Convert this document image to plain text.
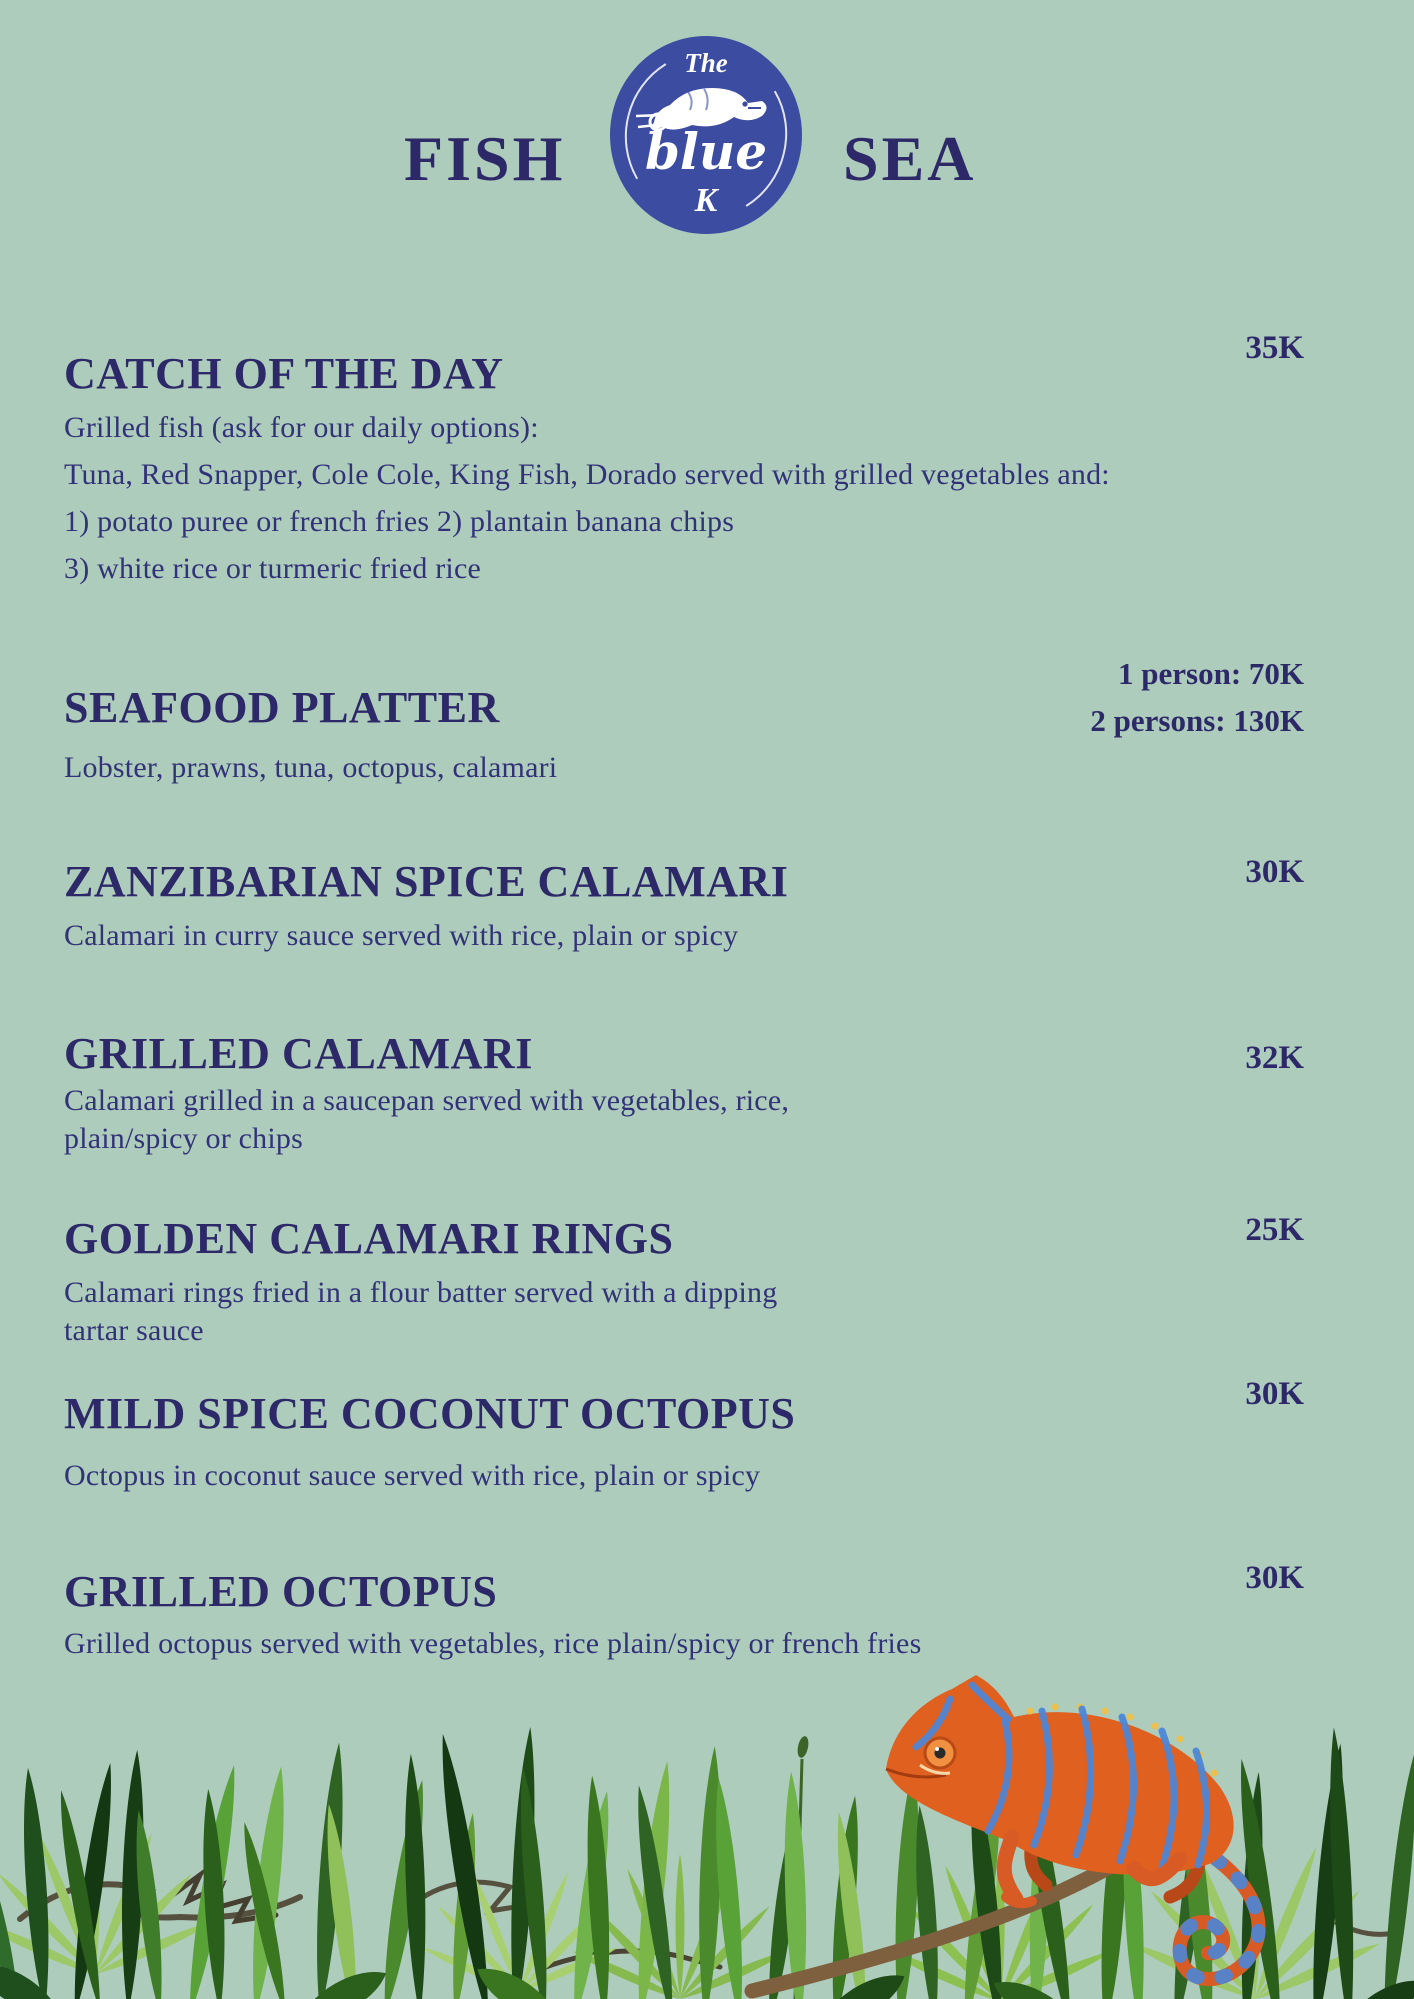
FISH
The
blue
K
SEA
CATCH OF THE DAY
35K

Grilled fish (ask for our daily options):

Tuna, Red Snapper, Cole Cole, King Fish, Dorado served with grilled vegetables and:

1) potato puree or french fries 2) plantain banana chips

3) white rice or turmeric fried rice

SEAFOOD PLATTER
1 person: 70K
2 persons: 130K

Lobster, prawns, tuna, octopus, calamari

ZANZIBARIAN SPICE CALAMARI	30K

Calamari in curry sauce served with rice, plain or spicy

GRILLED CALAMARI	32K

Calamari grilled in a saucepan served with vegetables, rice,

plain/spicy or chips

GOLDEN CALAMARI RINGS	25K

Calamari rings fried in a flour batter served with a dipping

tartar sauce

MILD SPICE COCONUT OCTOPUS	30K

Octopus in coconut sauce served with rice, plain or spicy

GRILLED OCTOPUS	30K

Grilled octopus served with vegetables, rice plain/spicy or french fries
